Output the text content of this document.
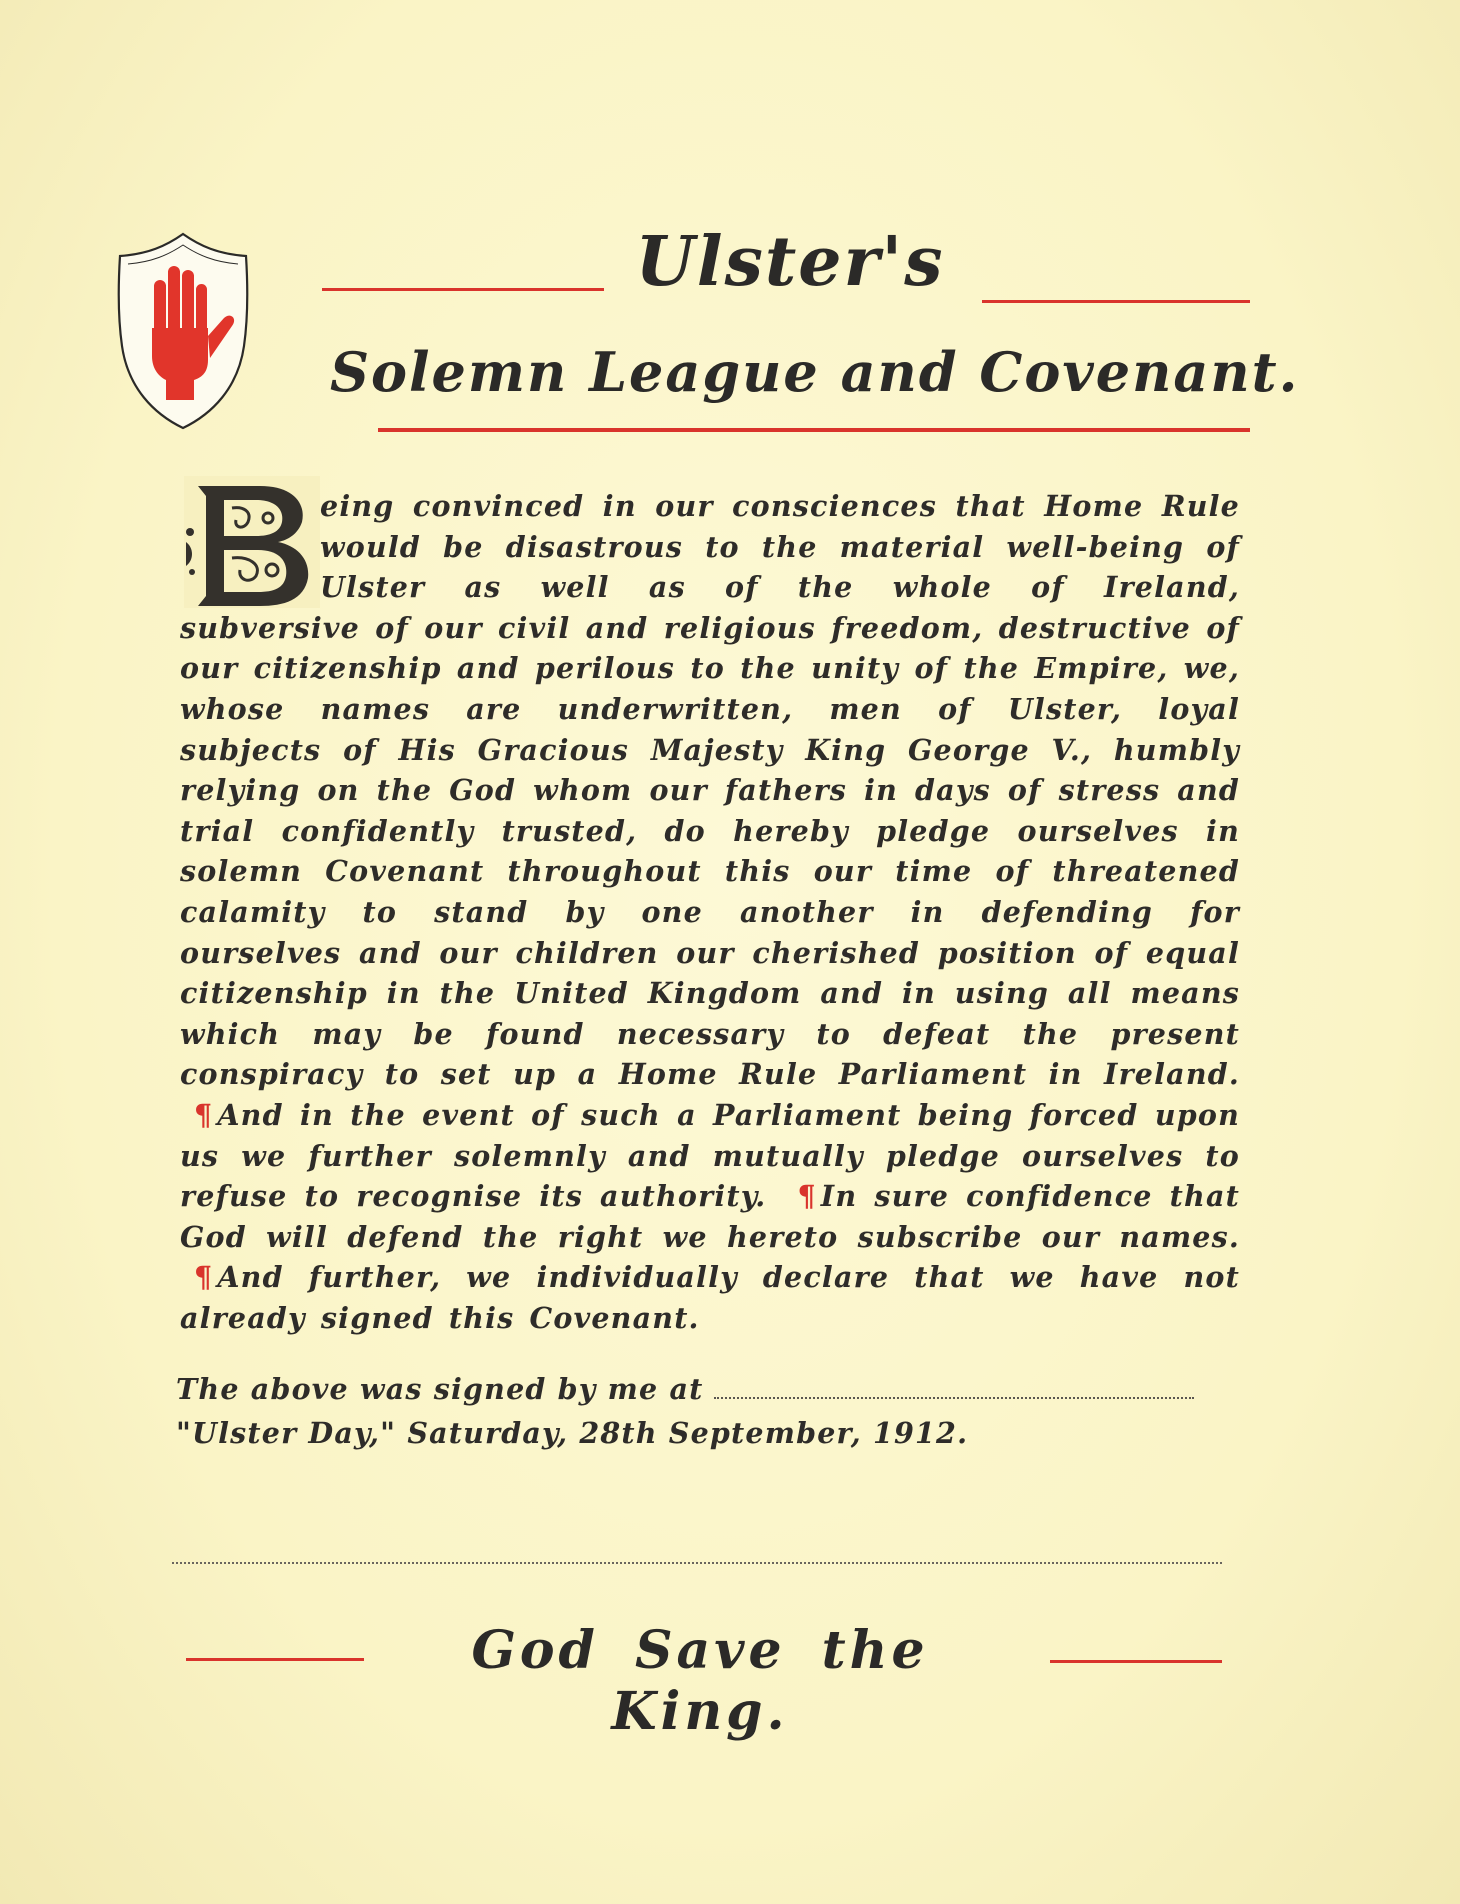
Ulster's
Solemn League and Covenant.
eing convinced in our consciences that Home Rule would be disastrous to the material well-being of Ulster as well as of the whole of Ireland, subversive of our civil and religious freedom, destructive of our citizenship and perilous to the unity of the Empire, we, whose names are underwritten, men of Ulster, loyal subjects of His Gracious Majesty King George V., humbly relying on the God whom our fathers in days of stress and trial confidently trusted, do hereby pledge ourselves in solemn Covenant throughout this our time of threatened calamity to stand by one another in defending for ourselves and our children our cherished position of equal citizenship in the United Kingdom and in using all means which may be found necessary to defeat the present conspiracy to set up a Home Rule Parliament in Ireland. ¶ And in the event of such a Parliament being forced upon us we further solemnly and mutually pledge ourselves to refuse to recognise its authority. ¶ In sure confidence that God will defend the right we hereto subscribe our names. ¶ And further, we individually declare that we have not already signed this Covenant.
The above was signed by me at
"Ulster Day," Saturday, 28th September, 1912.
God Save the King.
